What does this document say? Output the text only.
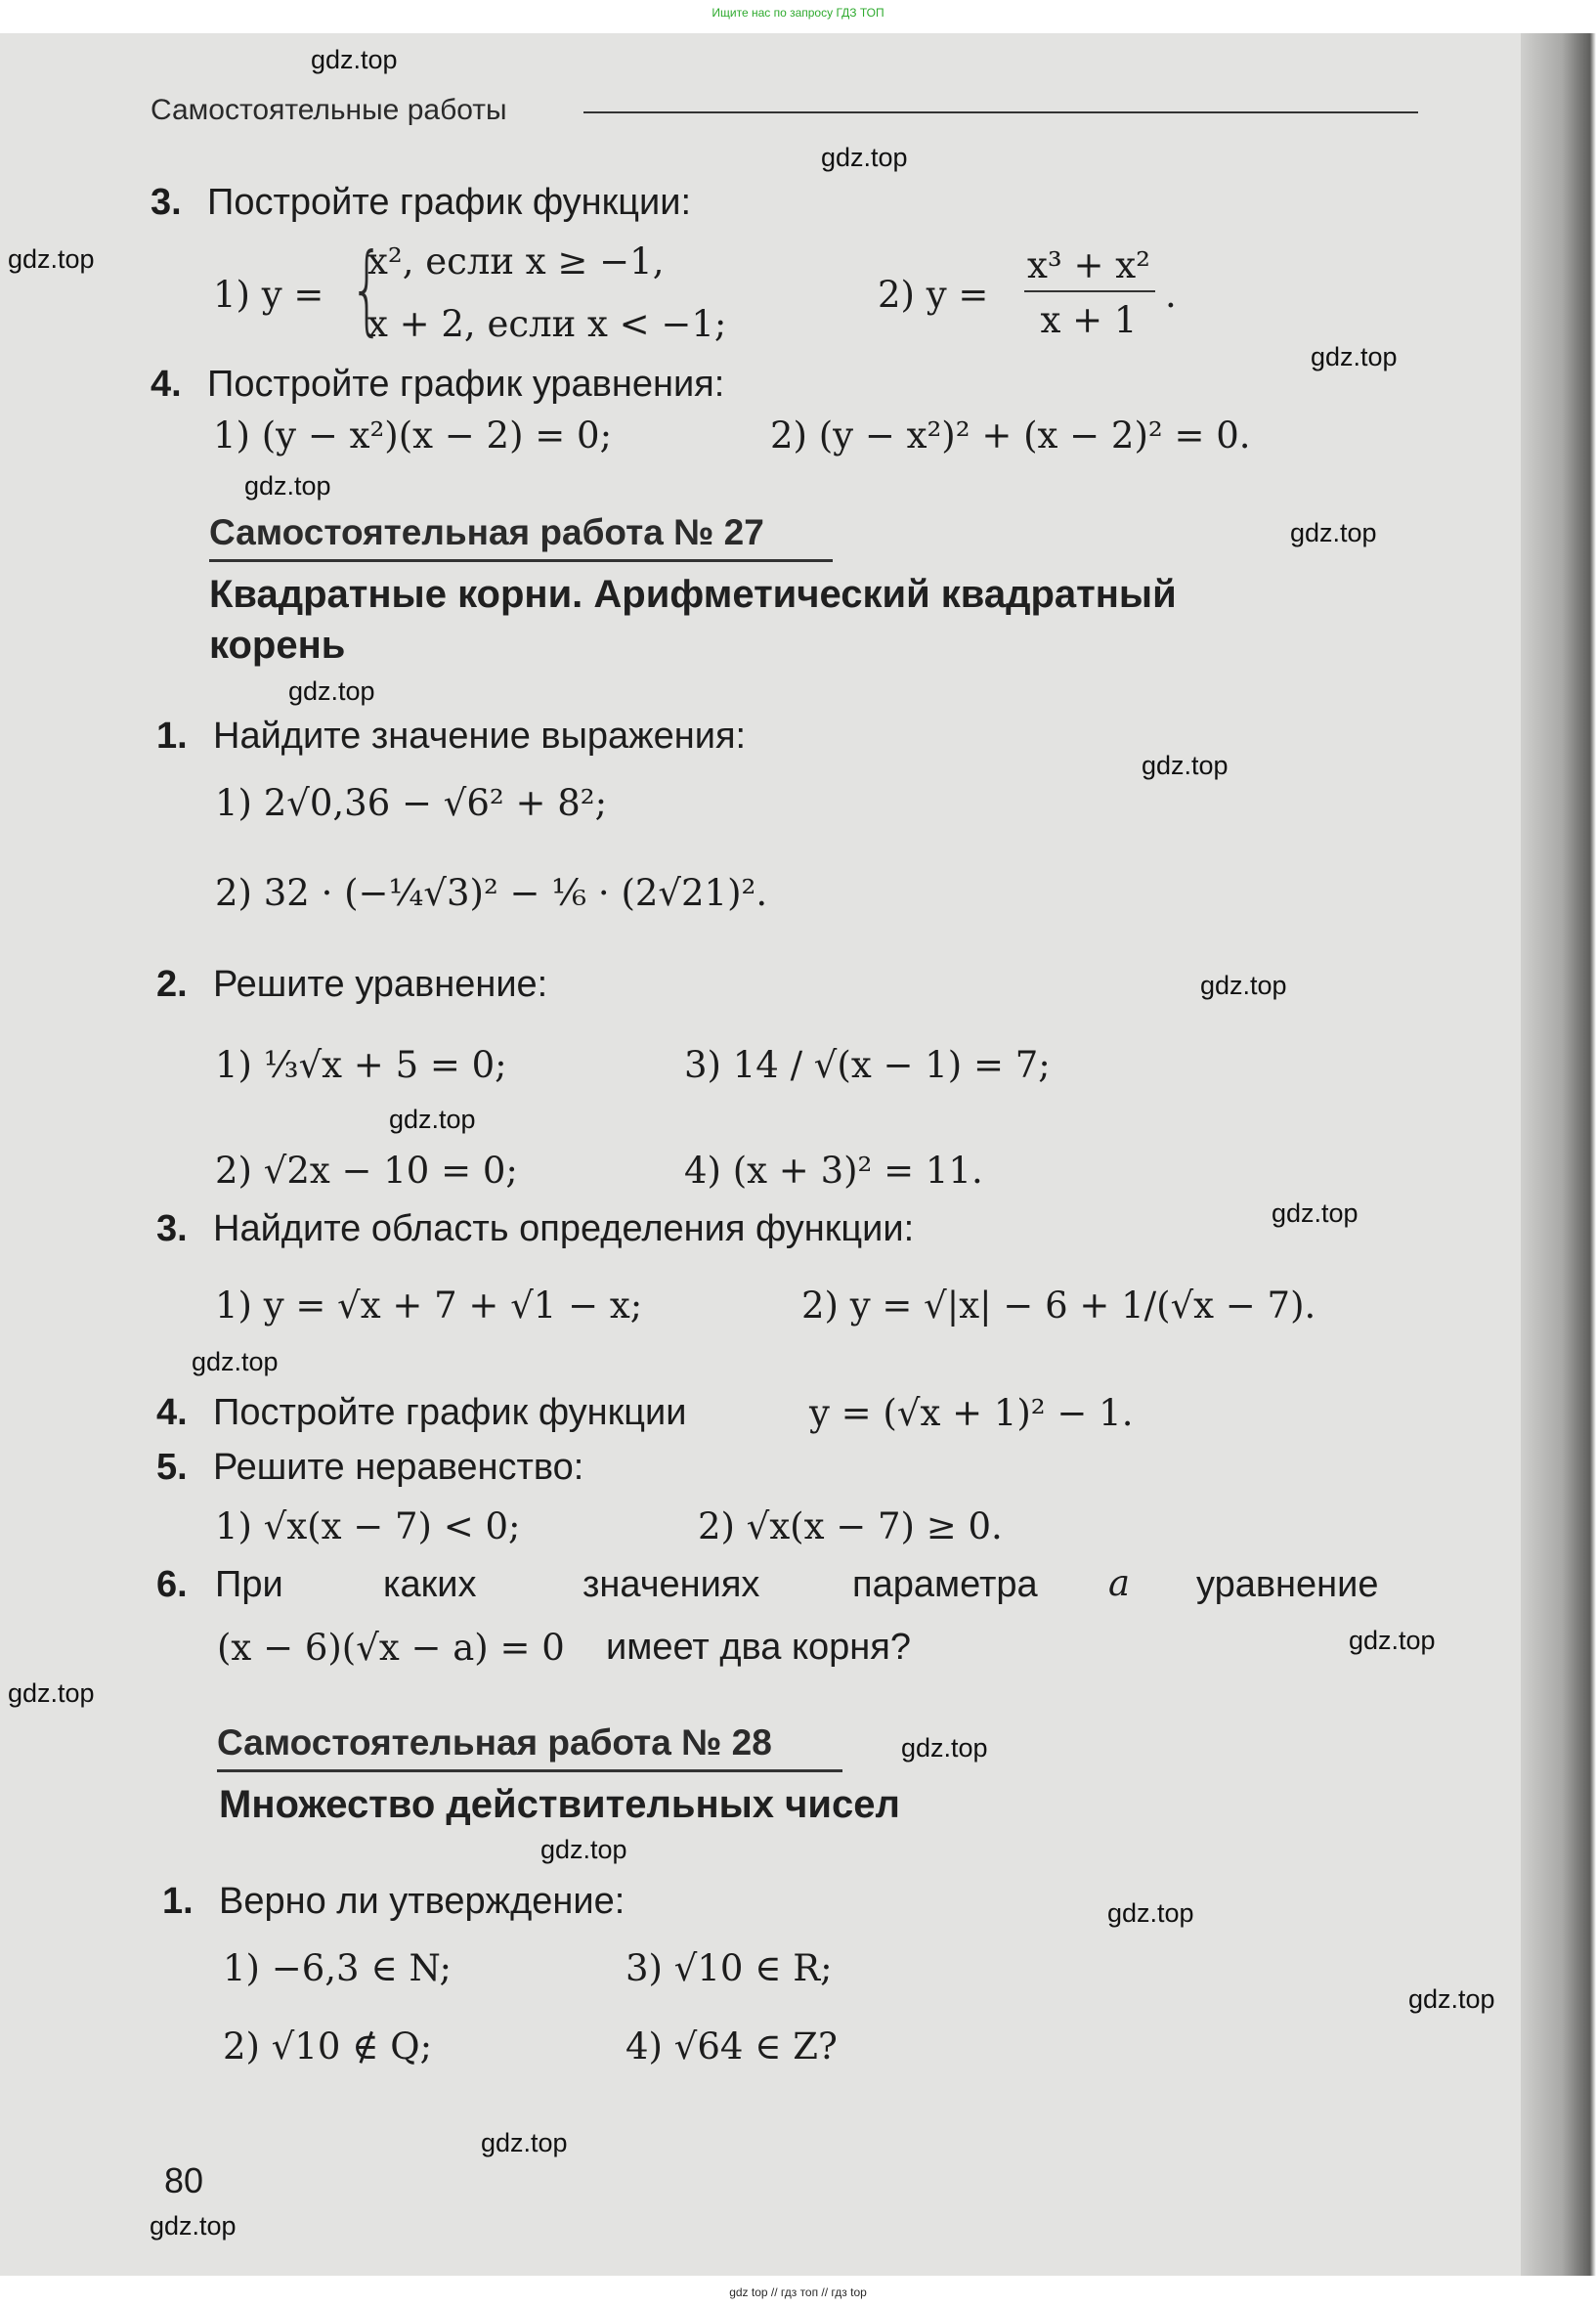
Ищите нас по запросу ГДЗ ТОП
gdz top // гдз топ // гдз top
gdz.top
gdz.top
gdz.top
gdz.top
gdz.top
gdz.top
gdz.top
gdz.top
gdz.top
gdz.top
gdz.top
gdz.top
gdz.top
gdz.top
gdz.top
gdz.top
gdz.top
gdz.top
gdz.top
gdz.top
Самостоятельные работы
3. Постройте график функции:
1) y = {
x², если x ≥ −1,
x + 2, если x < −1;
2) y =
x³ + x²
x + 1
.
4. Постройте график уравнения:
1) (y − x²)(x − 2) = 0;	2) (y − x²)² + (x − 2)² = 0.
Самостоятельная работа № 27
Квадратные корни. Арифметический квадратный
корень
1. Найдите значение выражения:
1) 2√0,36 − √6² + 8²;
2) 32 · (−¼√3)² − ⅙ · (2√21)².
2. Решите уравнение:
1) ⅓√x + 5 = 0;	3) 14 / √(x − 1) = 7;
2) √2x − 10 = 0;	4) (x + 3)² = 11.
3. Найдите область определения функции:
1) y = √x + 7 + √1 − x;	2) y = √|x| − 6 + 1/(√x − 7).
4. Постройте график функции	y = (√x + 1)² − 1.
5. Решите неравенство:
1) √x(x − 7) < 0;	2) √x(x − 7) ≥ 0.
6. При	каких	значениях параметра a уравнение
(x − 6)(√x − a) = 0 имеет два корня?
Самостоятельная работа № 28
Множество действительных чисел
1. Верно ли утверждение:
1) −6,3 ∈ N;	3) √10 ∈ R;
2) √10 ∉ Q;	4) √64 ∈ Z?
80
